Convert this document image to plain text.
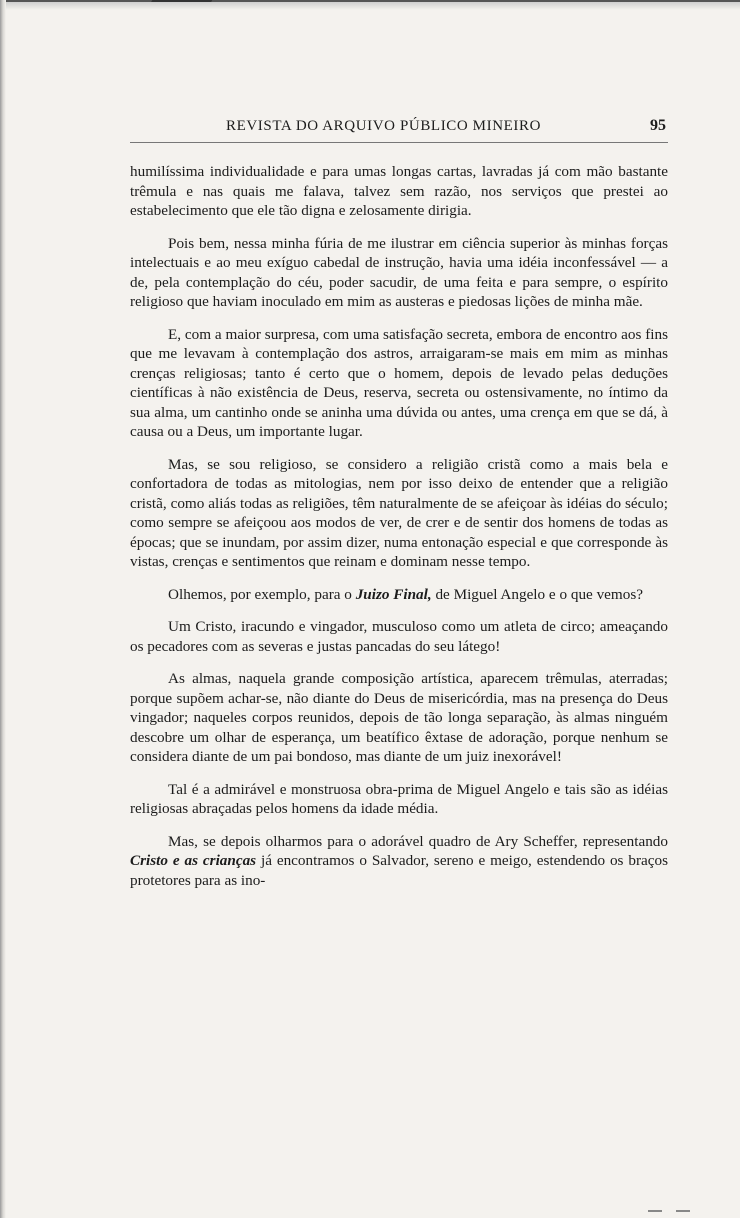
REVISTA DO ARQUIVO PÚBLICO MINEIRO	95

humilíssima individualidade e para umas longas cartas, lavradas já com mão bastante trêmula e nas quais me falava, talvez sem razão, nos serviços que prestei ao estabelecimento que ele tão digna e zelosamente dirigia.

Pois bem, nessa minha fúria de me ilustrar em ciência superior às minhas forças intelectuais e ao meu exíguo cabedal de instrução, havia uma idéia inconfessável — a de, pela contemplação do céu, poder sacudir, de uma feita e para sempre, o espírito religioso que haviam inoculado em mim as austeras e piedosas lições de minha mãe.

E, com a maior surpresa, com uma satisfação secreta, embora de encontro aos fins que me levavam à contemplação dos astros, arraigaram-se mais em mim as minhas crenças religiosas; tanto é certo que o homem, depois de levado pelas deduções científicas à não existência de Deus, reserva, secreta ou ostensivamente, no íntimo da sua alma, um cantinho onde se aninha uma dúvida ou antes, uma crença em que se dá, à causa ou a Deus, um importante lugar.

Mas, se sou religioso, se considero a religião cristã como a mais bela e confortadora de todas as mitologias, nem por isso deixo de entender que a religião cristã, como aliás todas as religiões, têm naturalmente de se afeiçoar às idéias do século; como sempre se afeiçoou aos modos de ver, de crer e de sentir dos homens de todas as épocas; que se inundam, por assim dizer, numa entonação especial e que corresponde às vistas, crenças e sentimentos que reinam e dominam nesse tempo.

Olhemos, por exemplo, para o Juizo Final, de Miguel Angelo e o que vemos?

Um Cristo, iracundo e vingador, musculoso como um atleta de circo; ameaçando os pecadores com as severas e justas pancadas do seu látego!

As almas, naquela grande composição artística, aparecem trêmulas, aterradas; porque supõem achar-se, não diante do Deus de misericórdia, mas na presença do Deus vingador; naqueles corpos reunidos, depois de tão longa separação, às almas ninguém descobre um olhar de esperança, um beatífico êxtase de adoração, porque nenhum se considera diante de um pai bondoso, mas diante de um juiz inexorável!

Tal é a admirável e monstruosa obra-prima de Miguel Angelo e tais são as idéias religiosas abraçadas pelos homens da idade média.

Mas, se depois olharmos para o adorável quadro de Ary Scheffer, representando Cristo e as crianças já encontramos o Salvador, sereno e meigo, estendendo os braços protetores para as ino-
